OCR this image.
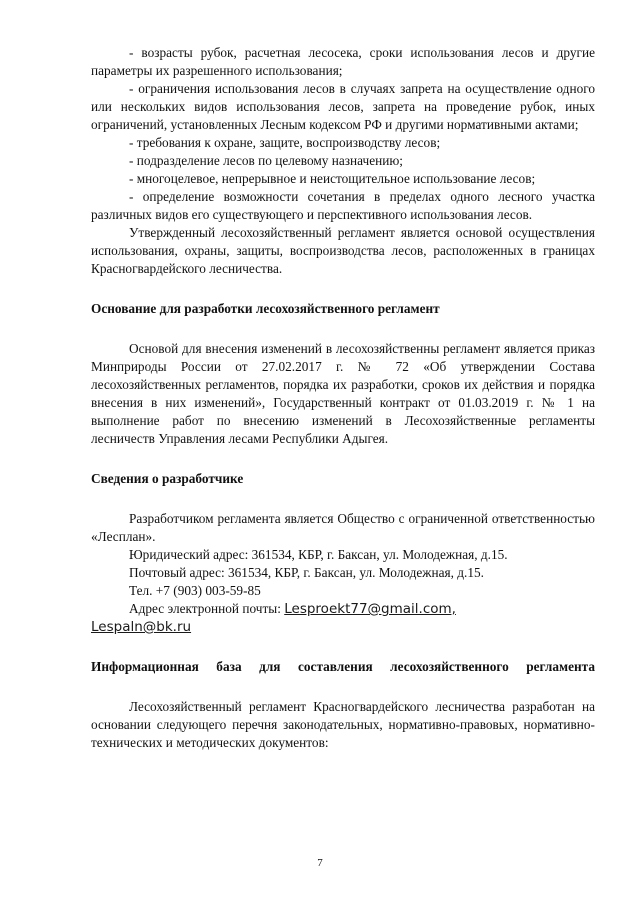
- возрасты рубок, расчетная лесосека, сроки использования лесов и другие параметры их разрешенного использования;

- ограничения использования лесов в случаях запрета на осуществление одного или нескольких видов использования лесов, запрета на проведение рубок, иных ограничений, установленных Лесным кодексом РФ и другими нормативными актами;

- требования к охране, защите, воспроизводству лесов;

- подразделение лесов по целевому назначению;

- многоцелевое, непрерывное и неистощительное использование лесов;

- определение возможности сочетания в пределах одного лесного участка различных видов его существующего и перспективного использования лесов.

Утвержденный лесохозяйственный регламент является основой осуществления использования, охраны, защиты, воспроизводства лесов, расположенных в границах Красногвардейского лесничества.

Основание для разработки лесохозяйственного регламент

Основой для внесения изменений в лесохозяйственны регламент является приказ Минприроды России от 27.02.2017 г. № 72 «Об утверждении Состава лесохозяйственных регламентов, порядка их разработки, сроков их действия и порядка внесения в них изменений», Государственный контракт от 01.03.2019 г. № 1 на выполнение работ по внесению изменений в Лесохозяйственные регламенты лесничеств Управления лесами Республики Адыгея.

Сведения о разработчике

Разработчиком регламента является Общество с ограниченной ответственностью «Лесплан».

Юридический адрес: 361534, КБР, г. Баксан, ул. Молодежная, д.15.

Почтовый адрес: 361534, КБР, г. Баксан, ул. Молодежная, д.15.

Тел. +7 (903) 003-59-85

Адрес электронной почты: Lesproekt77@gmail.com,

Lespaln@bk.ru

Информационная база для составления лесохозяйственного регламента

Лесохозяйственный регламент Красногвардейского лесничества разработан на основании следующего перечня законодательных, нормативно-правовых, нормативно-технических и методических документов:

7
